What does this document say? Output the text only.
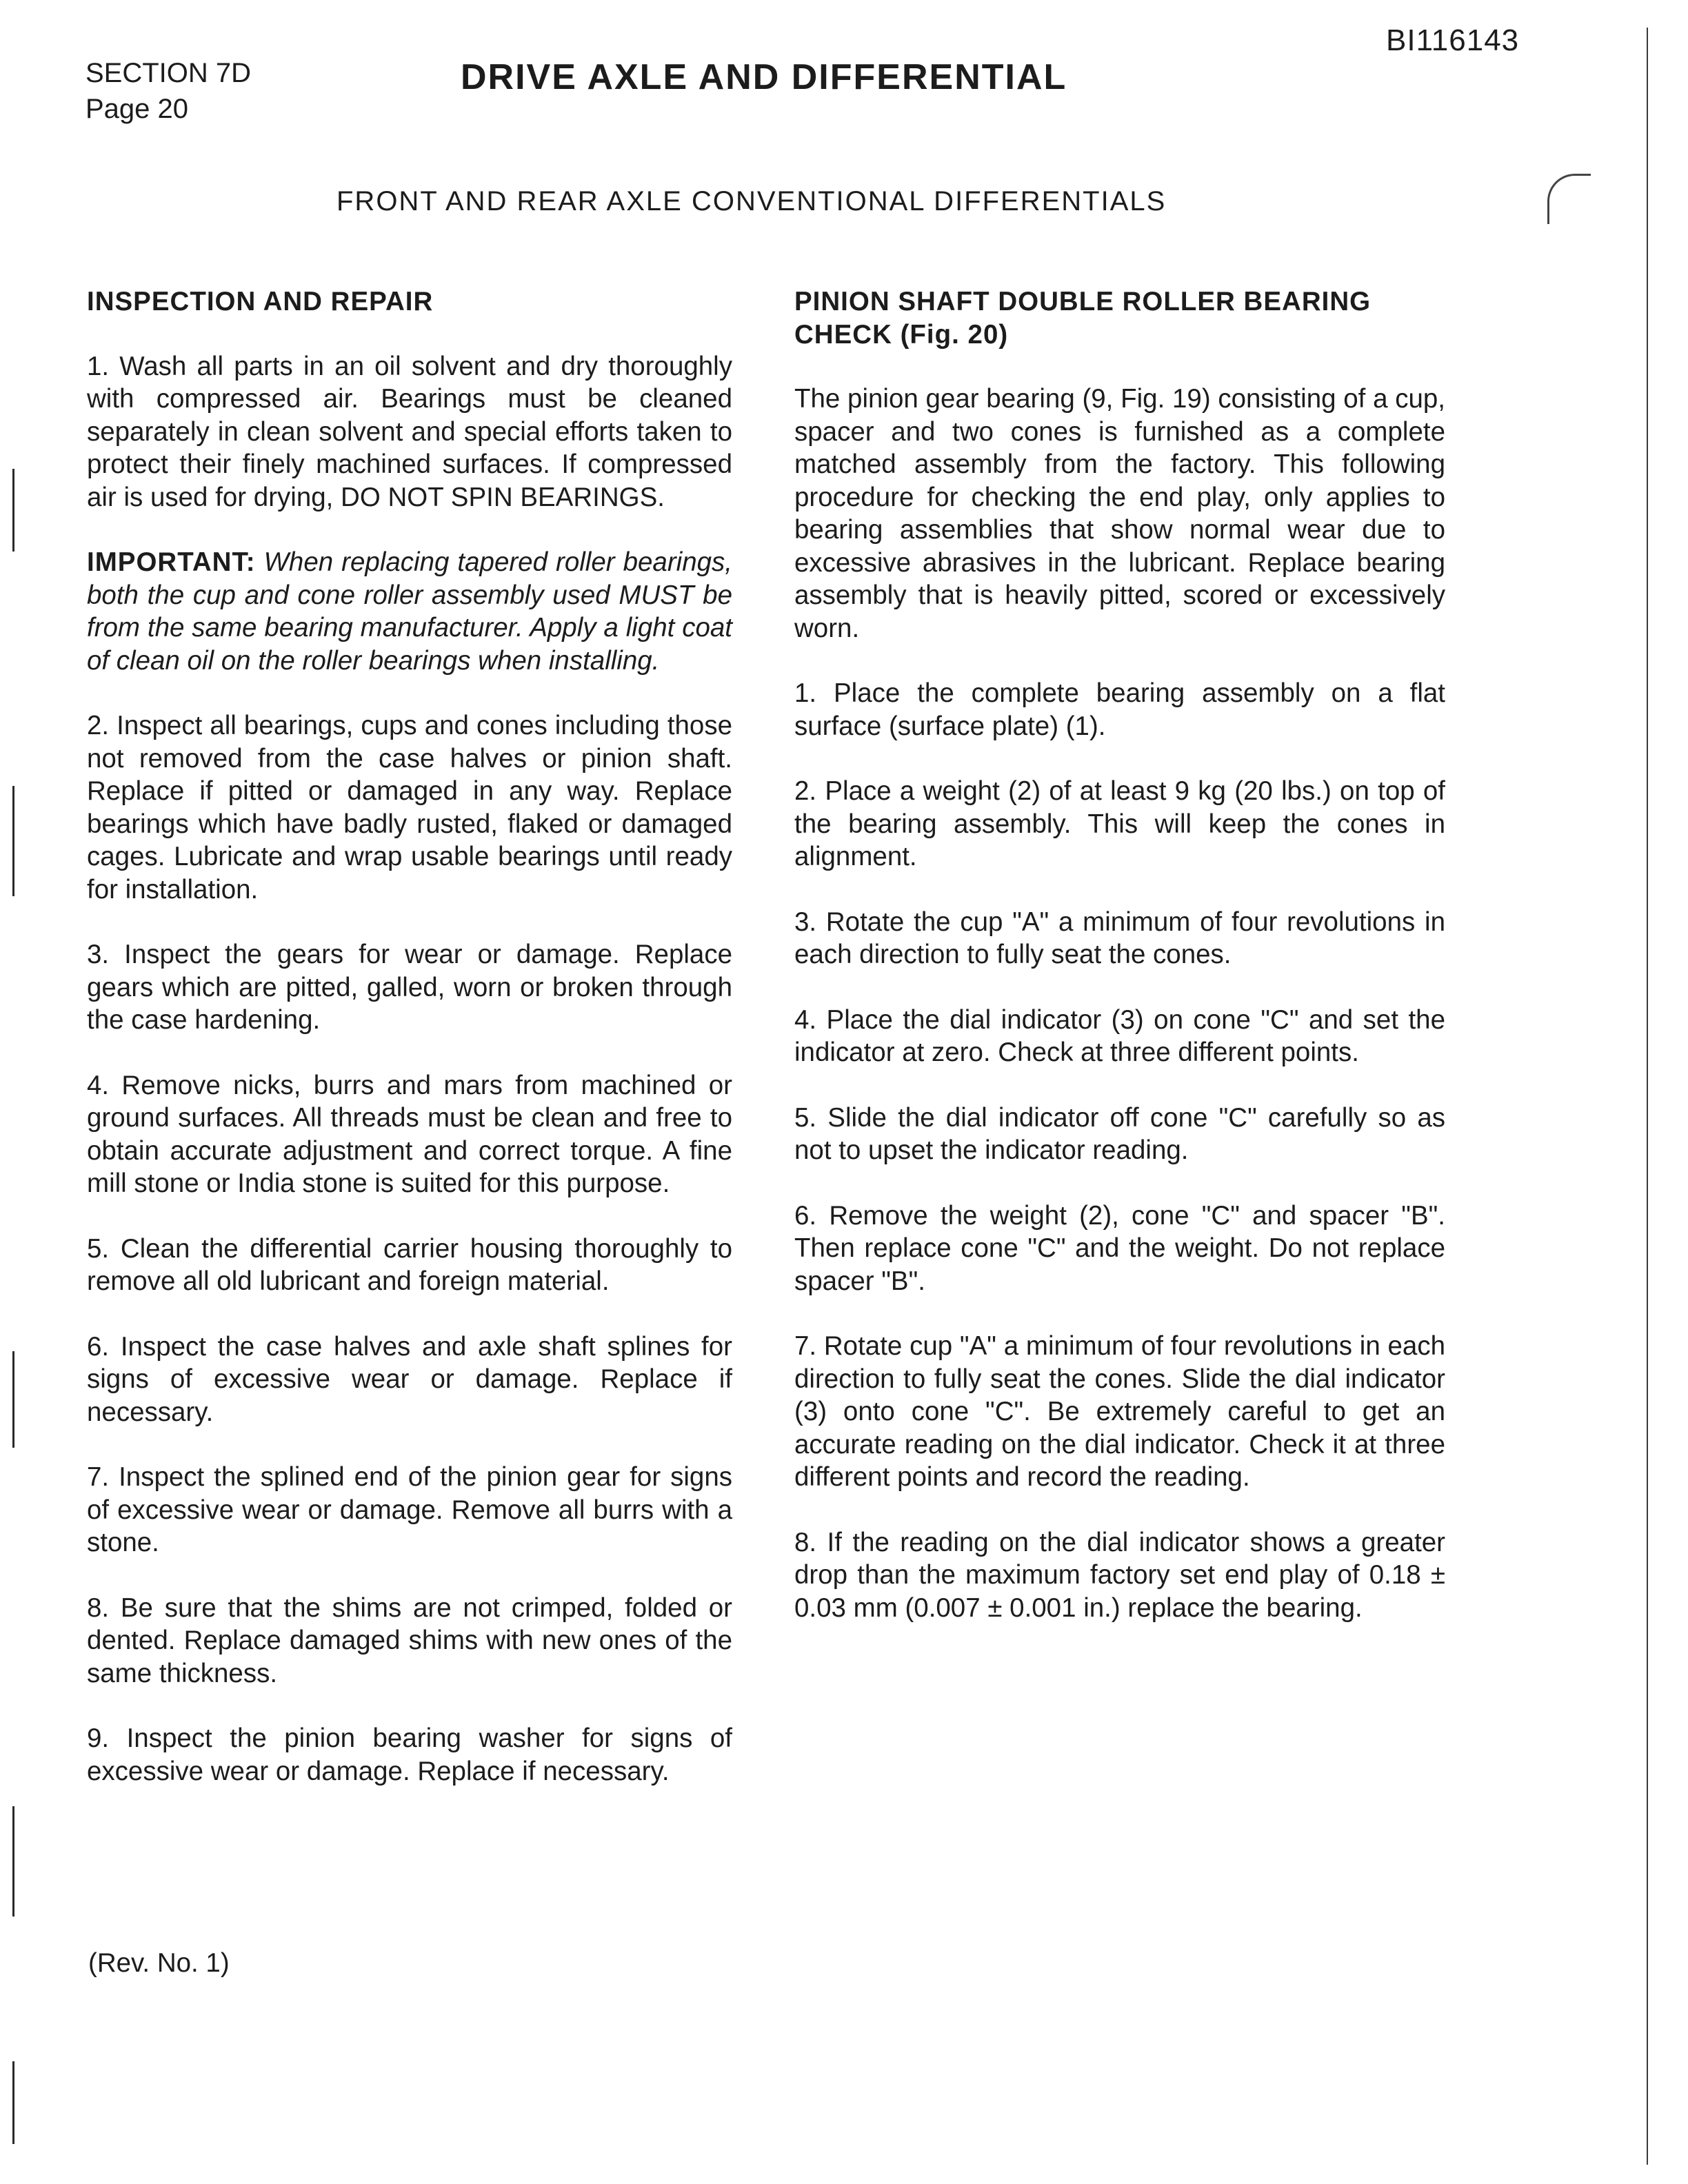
BI116143
SECTION 7D
Page 20
DRIVE AXLE AND DIFFERENTIAL
FRONT AND REAR AXLE CONVENTIONAL DIFFERENTIALS
INSPECTION AND REPAIR

1. Wash all parts in an oil solvent and dry thoroughly with compressed air. Bearings must be cleaned separately in clean solvent and special efforts taken to protect their finely machined surfaces. If compressed air is used for drying, DO NOT SPIN BEARINGS.

IMPORTANT: When replacing tapered roller bearings, both the cup and cone roller assembly used MUST be from the same bearing manufacturer. Apply a light coat of clean oil on the roller bearings when installing.

2. Inspect all bearings, cups and cones including those not removed from the case halves or pinion shaft. Replace if pitted or damaged in any way. Replace bearings which have badly rusted, flaked or damaged cages. Lubricate and wrap usable bearings until ready for installation.

3. Inspect the gears for wear or damage. Replace gears which are pitted, galled, worn or broken through the case hardening.

4. Remove nicks, burrs and mars from machined or ground surfaces. All threads must be clean and free to obtain accurate adjustment and correct torque. A fine mill stone or India stone is suited for this purpose.

5. Clean the differential carrier housing thoroughly to remove all old lubricant and foreign material.

6. Inspect the case halves and axle shaft splines for signs of excessive wear or damage. Replace if necessary.

7. Inspect the splined end of the pinion gear for signs of excessive wear or damage. Remove all burrs with a stone.

8. Be sure that the shims are not crimped, folded or dented. Replace damaged shims with new ones of the same thickness.

9. Inspect the pinion bearing washer for signs of excessive wear or damage. Replace if necessary.

PINION SHAFT DOUBLE ROLLER BEARING CHECK (Fig. 20)

The pinion gear bearing (9, Fig. 19) consisting of a cup, spacer and two cones is furnished as a complete matched assembly from the factory. This following procedure for checking the end play, only applies to bearing assemblies that show normal wear due to excessive abrasives in the lubricant. Replace bearing assembly that is heavily pitted, scored or excessively worn.

1. Place the complete bearing assembly on a flat surface (surface plate) (1).

2. Place a weight (2) of at least 9 kg (20 lbs.) on top of the bearing assembly. This will keep the cones in alignment.

3. Rotate the cup "A" a minimum of four revolutions in each direction to fully seat the cones.

4. Place the dial indicator (3) on cone "C" and set the indicator at zero. Check at three different points.

5. Slide the dial indicator off cone "C" carefully so as not to upset the indicator reading.

6. Remove the weight (2), cone "C" and spacer "B". Then replace cone "C" and the weight. Do not replace spacer "B".

7. Rotate cup "A" a minimum of four revolutions in each direction to fully seat the cones. Slide the dial indicator (3) onto cone "C". Be extremely careful to get an accurate reading on the dial indicator. Check it at three different points and record the reading.

8. If the reading on the dial indicator shows a greater drop than the maximum factory set end play of 0.18 ± 0.03 mm (0.007 ± 0.001 in.) replace the bearing.

(Rev. No. 1)
